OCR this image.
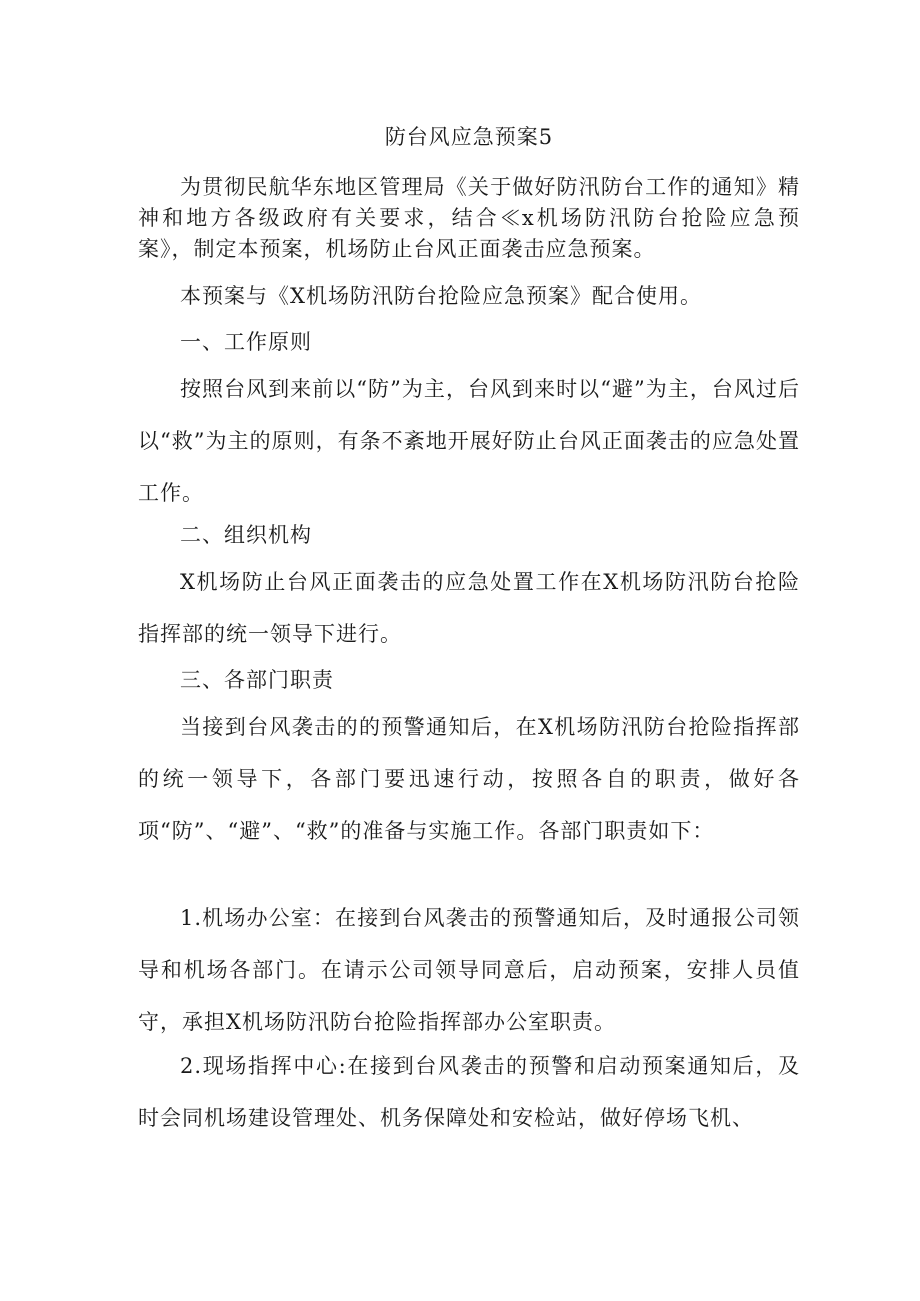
防台风应急预案5

为贯彻民航华东地区管理局《关于做好防汛防台工作的通知》精神和地方各级政府有关要求，结合≪x机场防汛防台抢险应急预案》，制定本预案，机场防止台风正面袭击应急预案。

本预案与《X机场防汛防台抢险应急预案》配合使用。

一、工作原则

按照台风到来前以“防”为主，台风到来时以“避”为主，台风过后以“救”为主的原则，有条不紊地开展好防止台风正面袭击的应急处置工作。

二、组织机构

X机场防止台风正面袭击的应急处置工作在X机场防汛防台抢险指挥部的统一领导下进行。

三、各部门职责

当接到台风袭击的的预警通知后，在X机场防汛防台抢险指挥部的统一领导下，各部门要迅速行动，按照各自的职责，做好各项“防”、“避”、“救”的准备与实施工作。各部门职责如下：

1.机场办公室：在接到台风袭击的预警通知后，及时通报公司领导和机场各部门。在请示公司领导同意后，启动预案，安排人员值守，承担X机场防汛防台抢险指挥部办公室职责。

2.现场指挥中心:在接到台风袭击的预警和启动预案通知后，及时会同机场建设管理处、机务保障处和安检站，做好停场飞机、
